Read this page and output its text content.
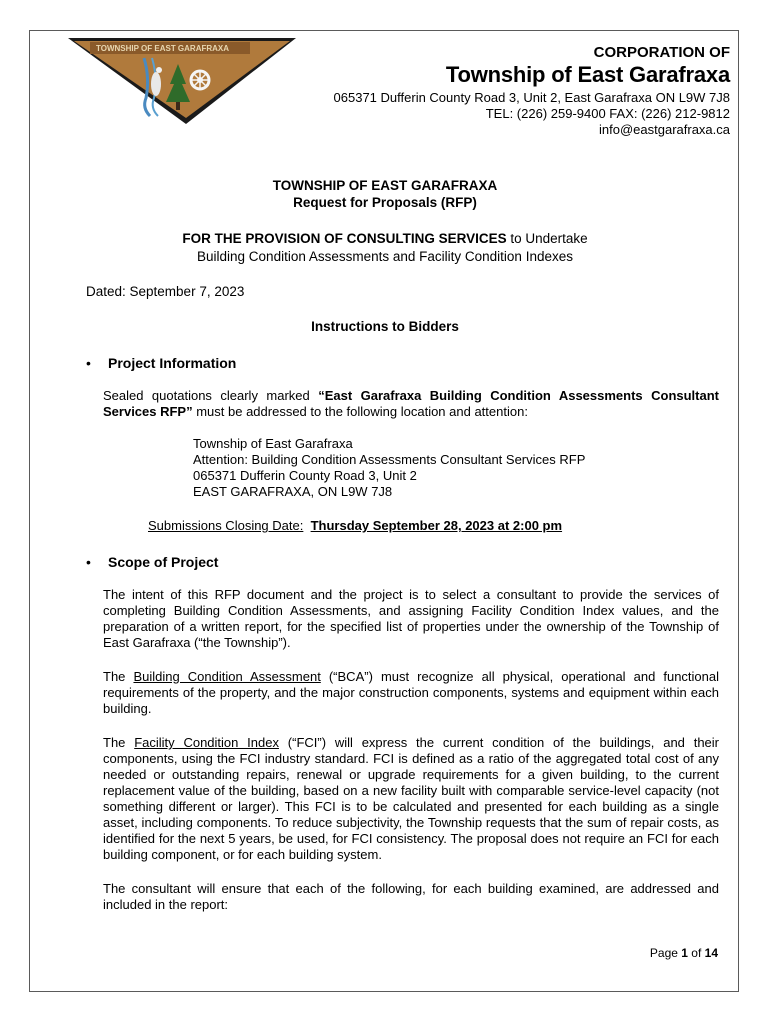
TOWNSHIP OF EAST GARAFRAXA	CORPORATION OF
Township of East Garafraxa
065371 Dufferin County Road 3, Unit 2, East Garafraxa ON L9W 7J8
TEL: (226) 259-9400 FAX: (226) 212-9812
info@eastgarafraxa.ca
TOWNSHIP OF EAST GARAFRAXA
Request for Proposals (RFP)
FOR THE PROVISION OF CONSULTING SERVICES to Undertake
Building Condition Assessments and Facility Condition Indexes
Dated: September 7, 2023
Instructions to Bidders
• Project Information
Sealed quotations clearly marked “East Garafraxa Building Condition Assessments Consultant Services RFP” must be addressed to the following location and attention:
Township of East Garafraxa
Attention: Building Condition Assessments Consultant Services RFP
065371 Dufferin County Road 3, Unit 2
EAST GARAFRAXA, ON L9W 7J8
Submissions Closing Date: Thursday September 28, 2023 at 2:00 pm
• Scope of Project
The intent of this RFP document and the project is to select a consultant to provide the services of completing Building Condition Assessments, and assigning Facility Condition Index values, and the preparation of a written report, for the specified list of properties under the ownership of the Township of East Garafraxa (“the Township”).
The Building Condition Assessment (“BCA”) must recognize all physical, operational and functional requirements of the property, and the major construction components, systems and equipment within each building.
The Facility Condition Index (“FCI”) will express the current condition of the buildings, and their components, using the FCI industry standard. FCI is defined as a ratio of the aggregated total cost of any needed or outstanding repairs, renewal or upgrade requirements for a given building, to the current replacement value of the building, based on a new facility built with comparable service-level capacity (not something different or larger). This FCI is to be calculated and presented for each building as a single asset, including components. To reduce subjectivity, the Township requests that the sum of repair costs, as identified for the next 5 years, be used, for FCI consistency. The proposal does not require an FCI for each building component, or for each building system.
The consultant will ensure that each of the following, for each building examined, are addressed and included in the report:
Page 1 of 14
